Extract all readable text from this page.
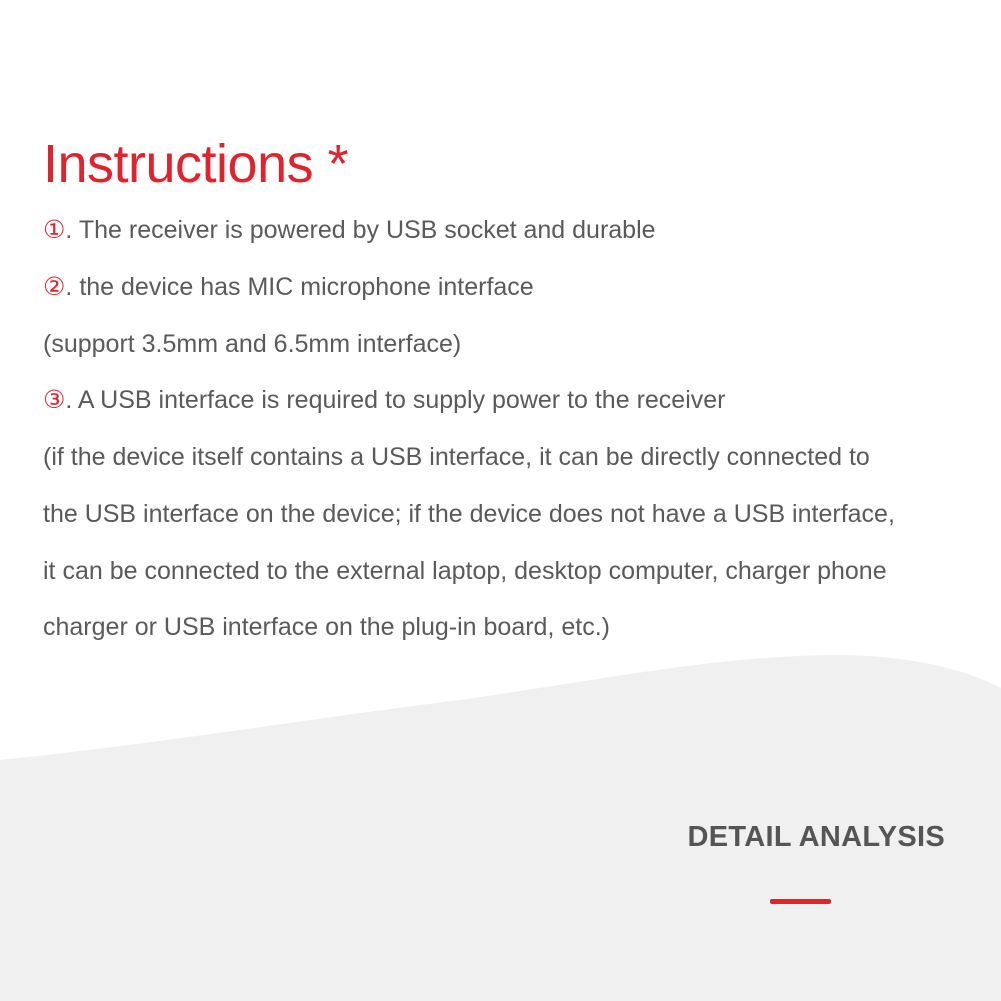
Instructions *

①. The receiver is powered by USB socket and durable

②. the device has MIC microphone interface

(support 3.5mm and 6.5mm interface)

③. A USB interface is required to supply power to the receiver

(if the device itself contains a USB interface, it can be directly connected to

the USB interface on the device; if the device does not have a USB interface,

it can be connected to the external laptop, desktop computer, charger phone

charger or USB interface on the plug-in board, etc.)

DETAIL ANALYSIS
